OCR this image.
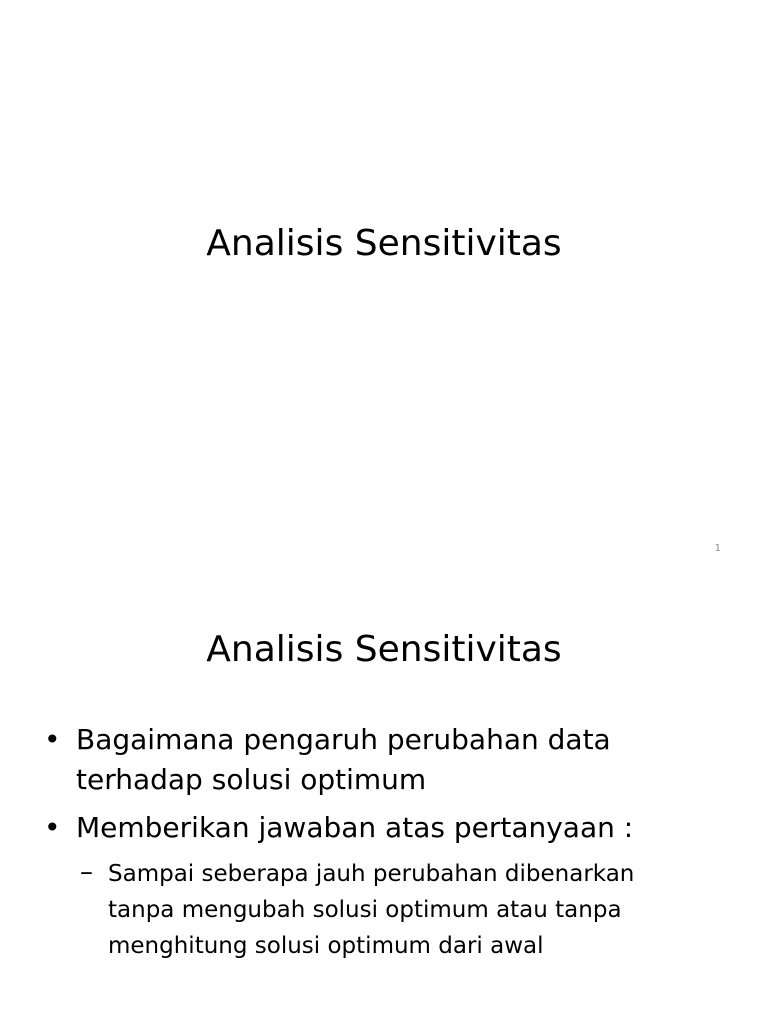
Analisis Sensitivitas
1
Analisis Sensitivitas
• Bagaimana pengaruh perubahan data
terhadap solusi optimum
• Memberikan jawaban atas pertanyaan :
– Sampai seberapa jauh perubahan dibenarkan
tanpa mengubah solusi optimum atau tanpa
menghitung solusi optimum dari awal
